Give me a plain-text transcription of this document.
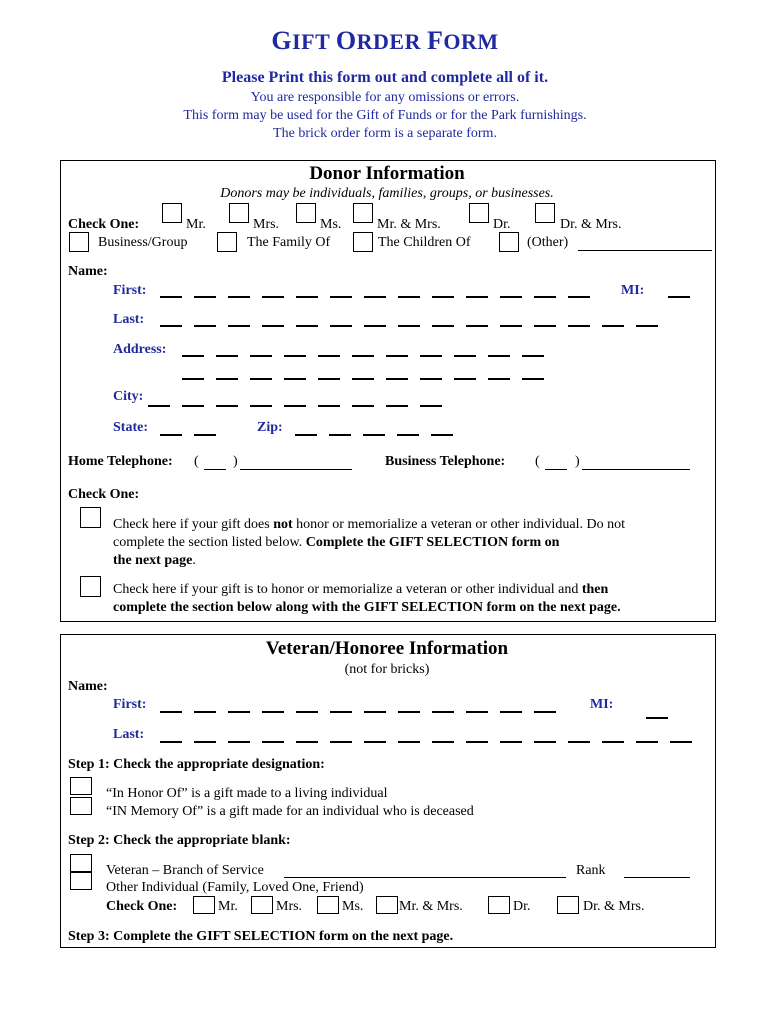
GIFT ORDER FORM
Please Print this form out and complete all of it.
You are responsible for any omissions or errors.
This form may be used for the Gift of Funds or for the Park furnishings.
The brick order form is a separate form.
Donor Information
Donors may be individuals, families, groups, or businesses.
Check One:	Mr.	Mrs.	Ms.	Mr. & Mrs.	Dr.	Dr. & Mrs.
Business/Group	The Family Of	The Children Of	(Other)
Name:
First:	MI:
Last:
Address:
City:
State:	Zip:
Home Telephone: ( )	Business Telephone: (	)
Check One:
Check here if your gift does not honor or memorialize a veteran or other individual. Do not
complete the section listed below. Complete the GIFT SELECTION form on
the next page.
Check here if your gift is to honor or memorialize a veteran or other individual and then
complete the section below along with the GIFT SELECTION form on the next page.
Veteran/Honoree Information
(not for bricks)
Name:
First:	MI:
Last:
Step 1: Check the appropriate designation:
“In Honor Of” is a gift made to a living individual
“IN Memory Of” is a gift made for an individual who is deceased
Step 2: Check the appropriate blank:
Veteran – Branch of Service	Rank
Other Individual (Family, Loved One, Friend)
Check One:	Mr.	Mrs.	Ms.	Mr. & Mrs.	Dr.	Dr. & Mrs.
Step 3: Complete the GIFT SELECTION form on the next page.
